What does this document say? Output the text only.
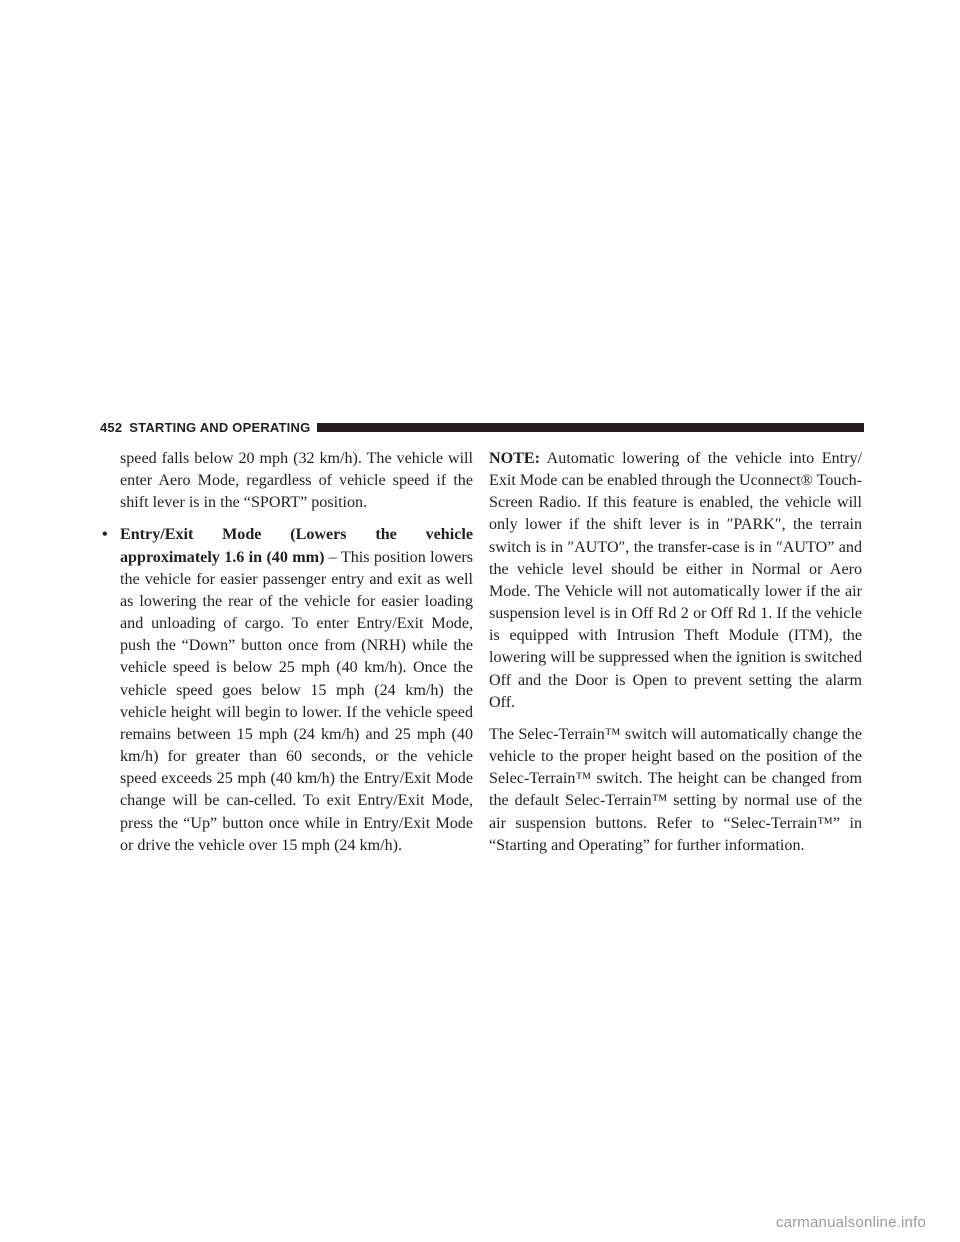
452 STARTING AND OPERATING

speed falls below 20 mph (32 km/h). The vehicle will enter Aero Mode, regardless of vehicle speed if the shift lever is in the “SPORT” position.

• Entry/Exit Mode (Lowers the vehicle approximately 1.6 in (40 mm) – This position lowers the vehicle for easier passenger entry and exit as well as lowering the rear of the vehicle for easier loading and unloading of cargo. To enter Entry/Exit Mode, push the “Down” button once from (NRH) while the vehicle speed is below 25 mph (40 km/h). Once the vehicle speed goes below 15 mph (24 km/h) the vehicle height will begin to lower. If the vehicle speed remains between 15 mph (24 km/h) and 25 mph (40 km/h) for greater than 60 seconds, or the vehicle speed exceeds 25 mph (40 km/h) the Entry/Exit Mode change will be can-celled. To exit Entry/Exit Mode, press the “Up” button once while in Entry/Exit Mode or drive the vehicle over 15 mph (24 km/h).

NOTE: Automatic lowering of the vehicle into Entry/ Exit Mode can be enabled through the Uconnect® Touch-Screen Radio. If this feature is enabled, the vehicle will only lower if the shift lever is in ″PARK″, the terrain switch is in ″AUTO″, the transfer-case is in ″AUTO” and the vehicle level should be either in Normal or Aero Mode. The Vehicle will not automatically lower if the air suspension level is in Off Rd 2 or Off Rd 1. If the vehicle is equipped with Intrusion Theft Module (ITM), the lowering will be suppressed when the ignition is switched Off and the Door is Open to prevent setting the alarm Off.

The Selec-Terrain™ switch will automatically change the vehicle to the proper height based on the position of the Selec-Terrain™ switch. The height can be changed from the default Selec-Terrain™ setting by normal use of the air suspension buttons. Refer to “Selec-Terrain™” in “Starting and Operating” for further information.

carmanualsonline.info
